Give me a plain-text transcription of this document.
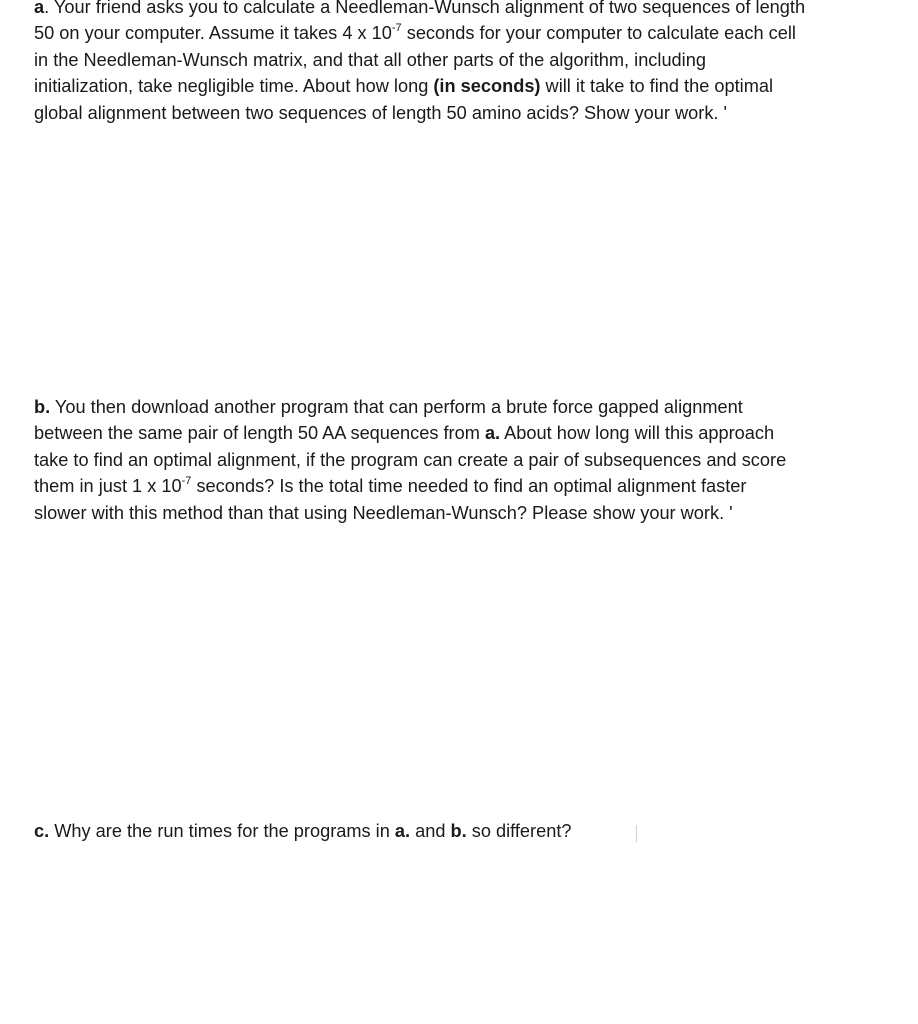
a. Your friend asks you to calculate a Needleman-Wunsch alignment of two sequences of length
50 on your computer. Assume it takes 4 x $10^{-7}$ seconds for your computer to calculate each cell
in the Needleman-Wunsch matrix, and that all other parts of the algorithm, including
initialization, take negligible time. About how long (in seconds) will it take to find the optimal
global alignment between two sequences of length 50 amino acids? Show your work. '
b. You then download another program that can perform a brute force gapped alignment
between the same pair of length 50 AA sequences from a. About how long will this approach
take to find an optimal alignment, if the program can create a pair of subsequences and score
them in just 1 x $10^{-7}$ seconds? Is the total time needed to find an optimal alignment faster
slower with this method than that using Needleman-Wunsch? Please show your work. '
c. Why are the run times for the programs in a. and b. so different?
